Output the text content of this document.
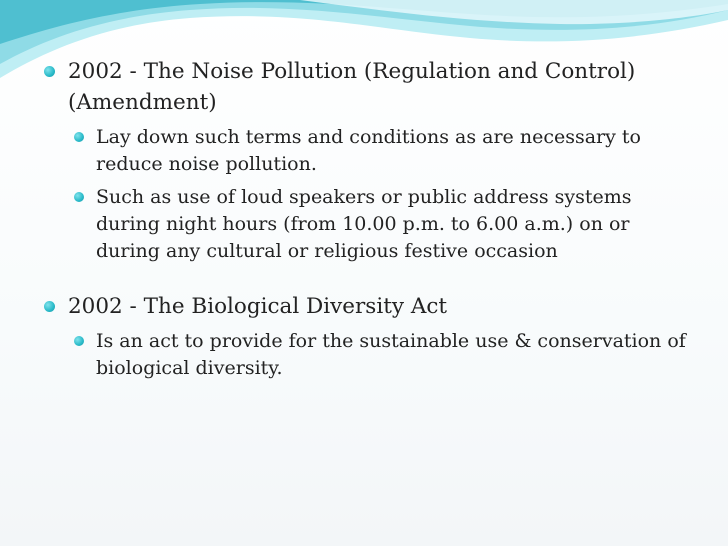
2002 - The Noise Pollution (Regulation and Control) (Amendment)
Lay down such terms and conditions as are necessary to reduce noise pollution.
Such as use of loud speakers or public address systems during night hours (from 10.00 p.m. to 6.00 a.m.) on or during any cultural or religious festive occasion
2002 - The Biological Diversity Act
Is an act to provide for the sustainable use & conservation of biological diversity.
